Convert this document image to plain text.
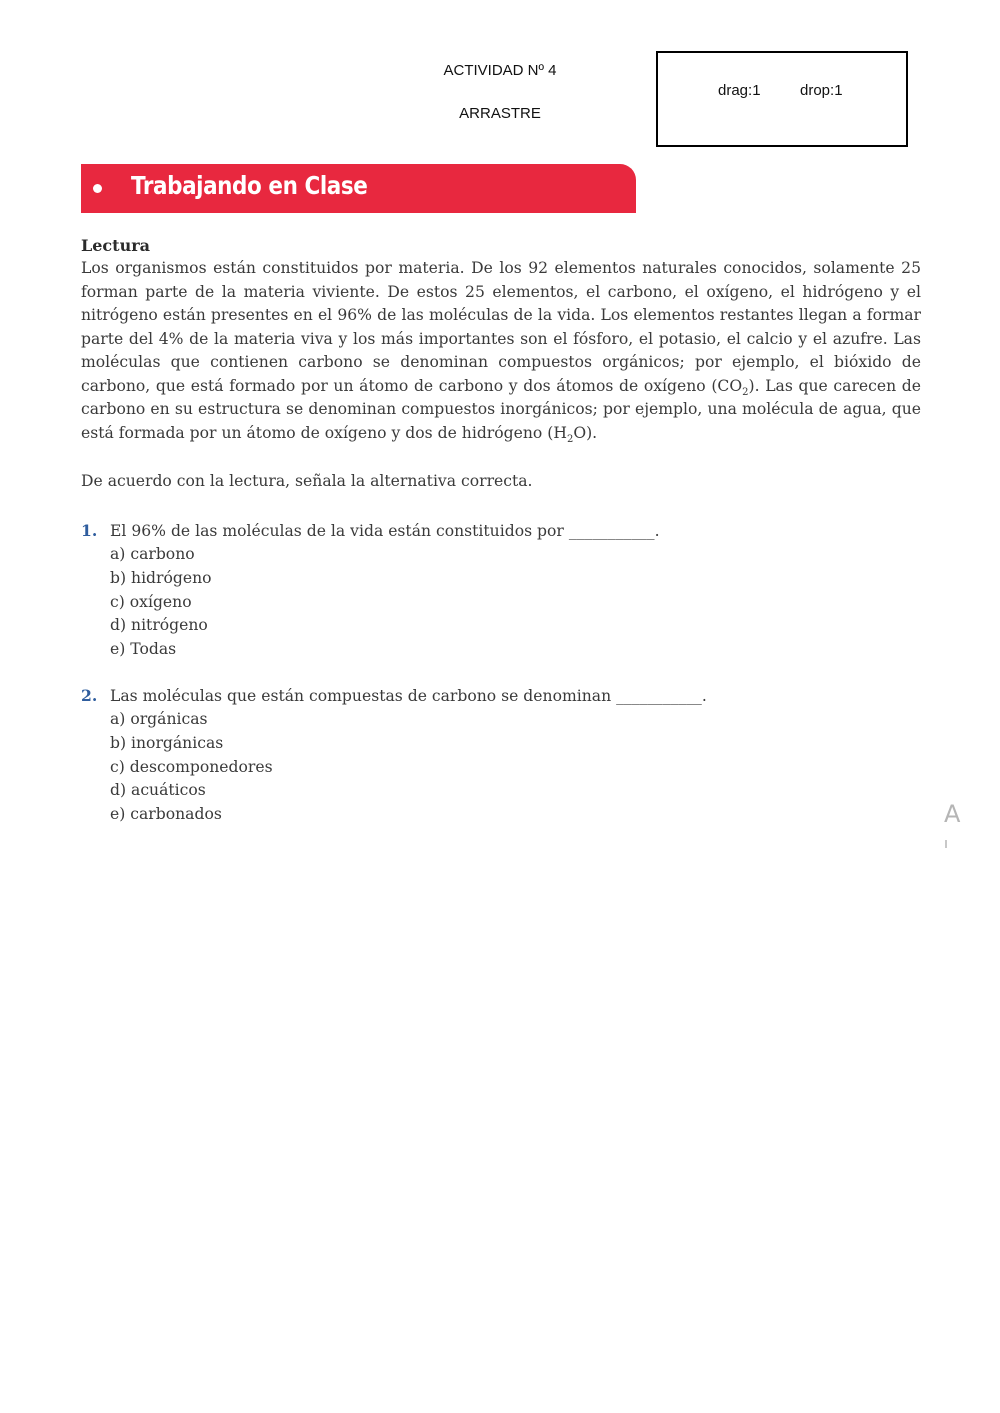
ACTIVIDAD Nº 4
ARRASTRE
drag:1	drop:1
Trabajando en Clase
Lectura

Los organismos están constituidos por materia. De los 92 elementos naturales conocidos, solamente 25 forman parte de la materia viviente. De estos 25 elementos, el carbono, el oxígeno, el hidrógeno y el nitrógeno están presentes en el 96% de las moléculas de la vida. Los elementos restantes llegan a formar parte del 4% de la materia viva y los más importantes son el fósforo, el potasio, el calcio y el azufre. Las moléculas que contienen carbono se denominan compuestos orgánicos; por ejemplo, el bióxido de carbono, que está formado por un átomo de carbono y dos átomos de oxígeno $(CO_2)$. Las que carecen de carbono en su estructura se denominan compuestos inorgánicos; por ejemplo, una molécula de agua, que está formada por un átomo de oxígeno y dos de hidrógeno $(H_2O)$.

De acuerdo con la lectura, señala la alternativa correcta.
1. El 96% de las moléculas de la vida están constituidos por ___________.
a) carbono
b) hidrógeno
c) oxígeno
d) nitrógeno
e) Todas
2. Las moléculas que están compuestas de carbono se denominan ___________.
a) orgánicas
b) inorgánicas
c) descomponedores
d) acuáticos
e) carbonados	A
